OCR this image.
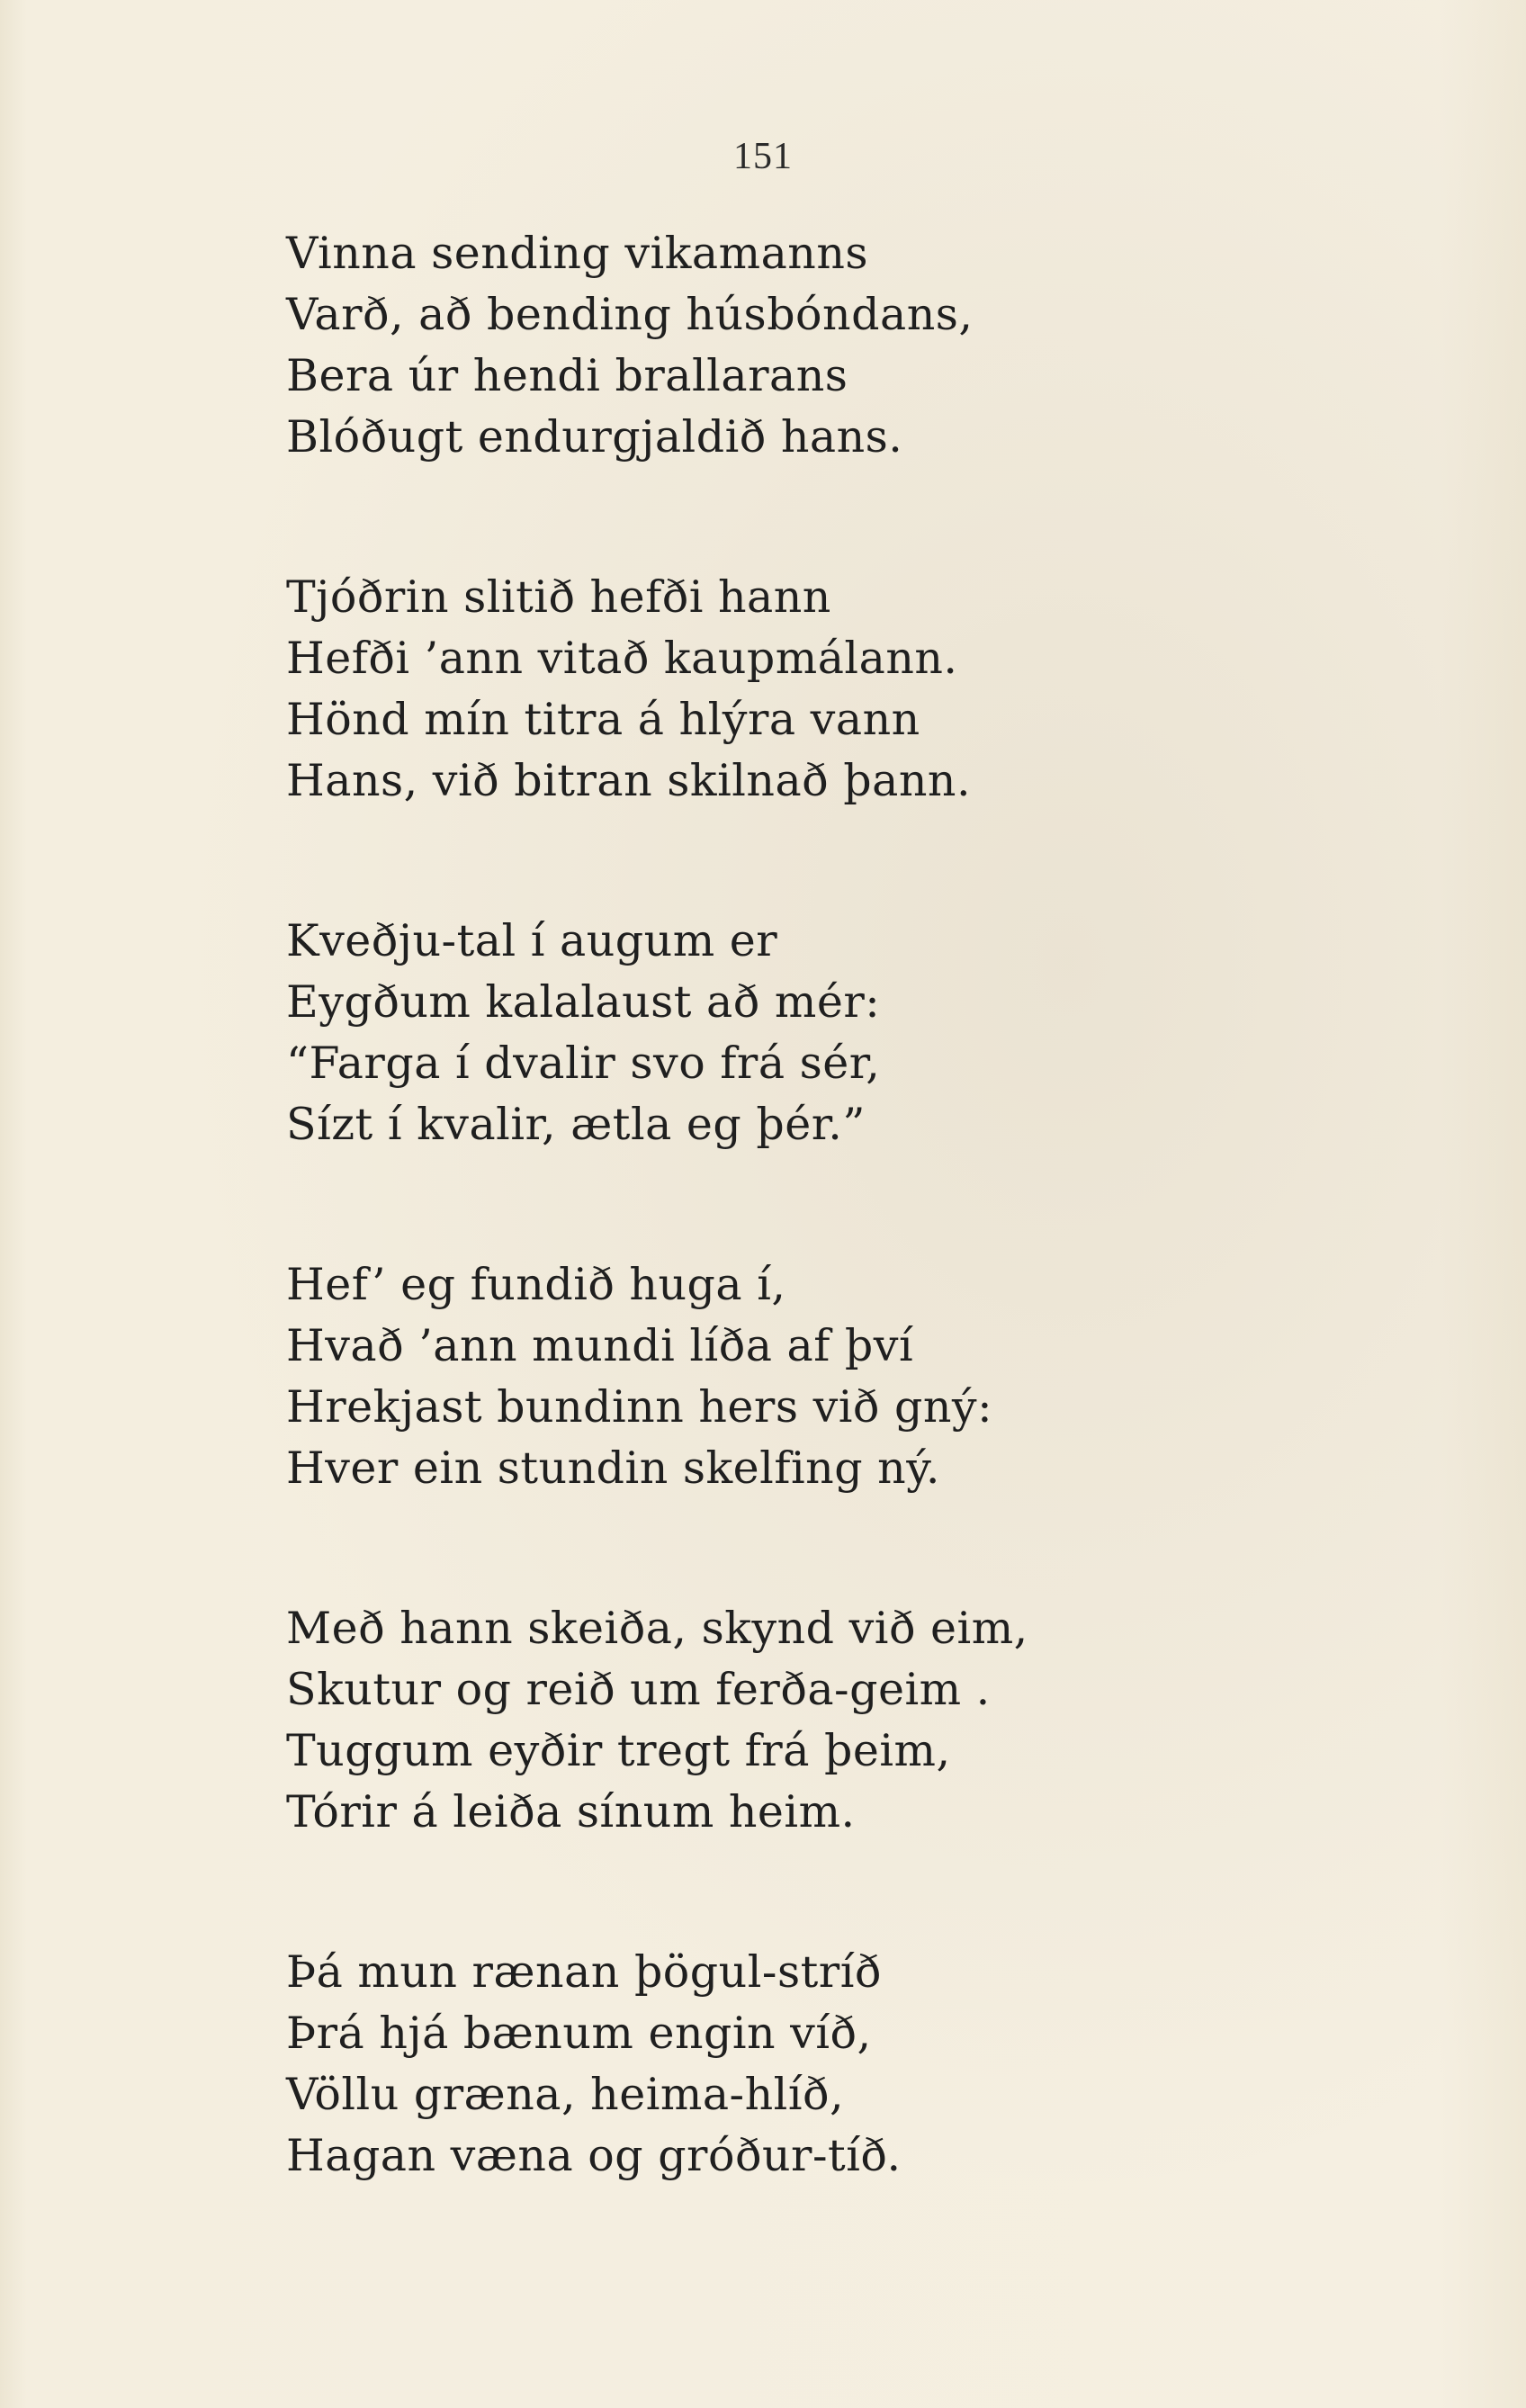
151
Vinna sending vikamanns
Varð, að bending húsbóndans,
Bera úr hendi brallarans
Blóðugt endurgjaldið hans.
Tjóðrin slitið hefði hann
Hefði ’ann vitað kaupmálann.
Hönd mín titra á hlýra vann
Hans, við bitran skilnað þann.
Kveðju-tal í augum er
Eygðum kalalaust að mér:
“Farga í dvalir svo frá sér,
Sízt í kvalir, ætla eg þér.”
Hef’ eg fundið huga í,
Hvað ’ann mundi líða af því
Hrekjast bundinn hers við gný:
Hver ein stundin skelfing ný.
Með hann skeiða, skynd við eim,
Skutur og reið um ferða-geim .
Tuggum eyðir tregt frá þeim,
Tórir á leiða sínum heim.
Þá mun rænan þögul-stríð
Þrá hjá bænum engin víð,
Völlu græna, heima-hlíð,
Hagan væna og gróður-tíð.
